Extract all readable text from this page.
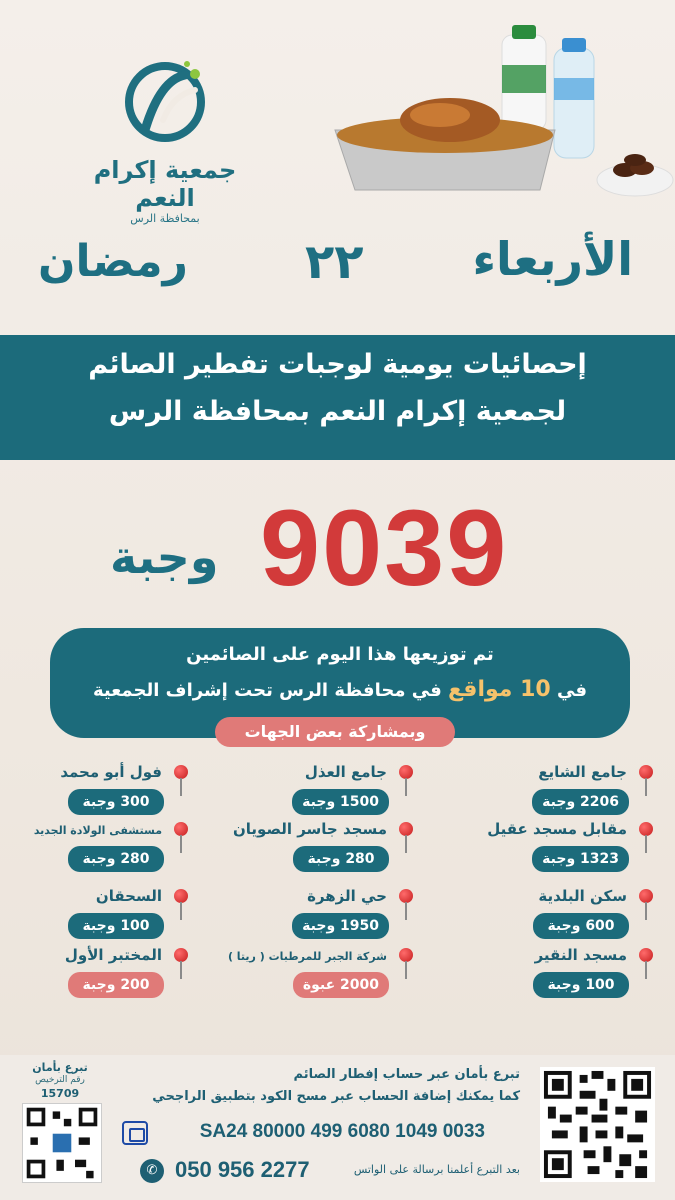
جمعية إكرام النعم
بمحافظة الرس
الأربعاء
٢٢
رمضان
إحصائيات يومية لوجبات تفطير الصائم
لجمعية إكرام النعم بمحافظة الرس
9039
وجبة
تم توزيعها هذا اليوم على الصائمين
في 10 مواقع في محافظة الرس تحت إشراف الجمعية
وبمشاركة بعض الجهات
جامع الشايع
2206 وجبة
جامع العذل
1500 وجبة
فول أبو محمد
300 وجبة
مقابل مسجد عقيل
1323 وجبة
مسجد جاسر الصويان
280 وجبة
مستشفى الولادة الجديد
280 وجبة
سكن البلدية
600 وجبة
حي الزهرة
1950 وجبة
السحقان
100 وجبة
مسجد النقير
100 وجبة
شركة الجبر للمرطبات ( ريتا )
2000 عبوة
المختبر الأول
200 وجبة
تبرع بأمان
رقم الترخيص
15709
تبرع بأمان عبر حساب إفطار الصائم
كما يمكنك إضافة الحساب عبر مسح الكود بتطبيق الراجحي
SA24 80000 499 6080 1049 0033
✆ 050 956 2277	بعد التبرع أعلمنا برسالة على الواتس
